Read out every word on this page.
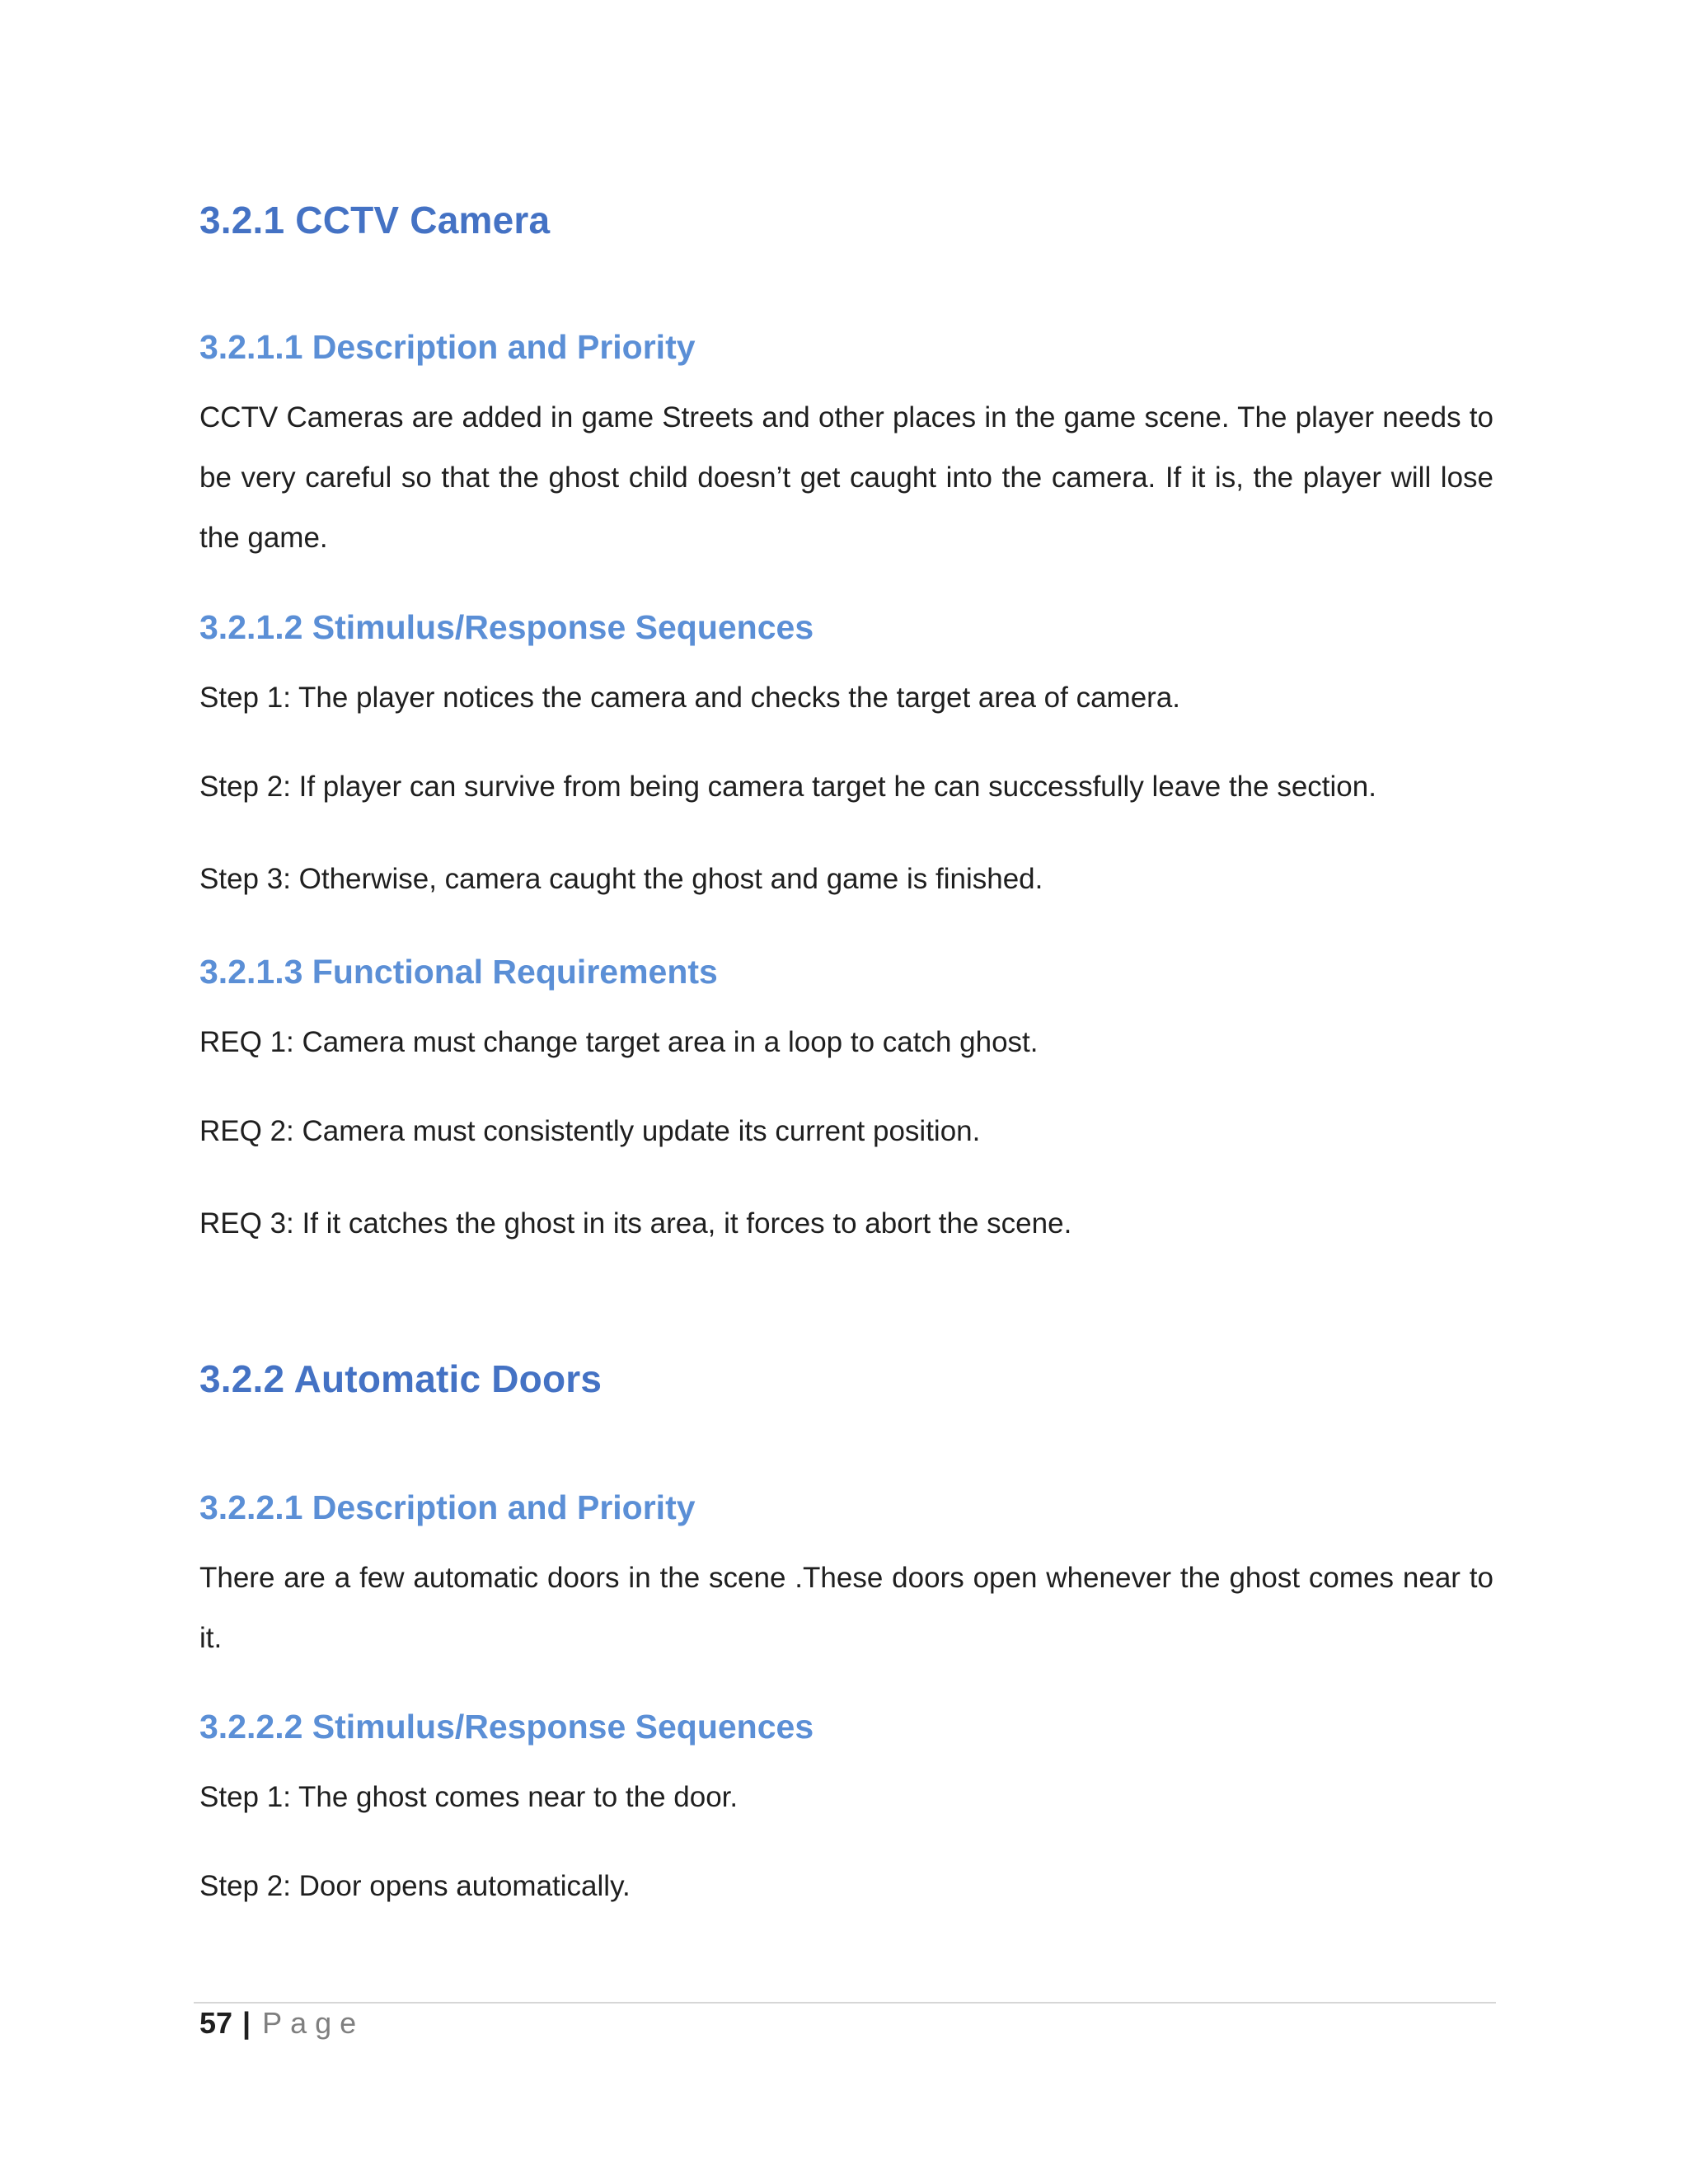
3.2.1 CCTV Camera
3.2.1.1 Description and Priority

CCTV Cameras are added in game Streets and other places in the game scene. The player needs to be very careful so that the ghost child doesn’t get caught into the camera. If it is, the player will lose the game.

3.2.1.2 Stimulus/Response Sequences

Step 1: The player notices the camera and checks the target area of camera.

Step 2: If player can survive from being camera target he can successfully leave the section.

Step 3: Otherwise, camera caught the ghost and game is finished.

3.2.1.3 Functional Requirements

REQ 1: Camera must change target area in a loop to catch ghost.

REQ 2: Camera must consistently update its current position.

REQ 3: If it catches the ghost in its area, it forces to abort the scene.

3.2.2 Automatic Doors
3.2.2.1 Description and Priority

There are a few automatic doors in the scene .These doors open whenever the ghost comes near to it.

3.2.2.2 Stimulus/Response Sequences

Step 1: The ghost comes near to the door.

Step 2: Door opens automatically.

57 | Page
